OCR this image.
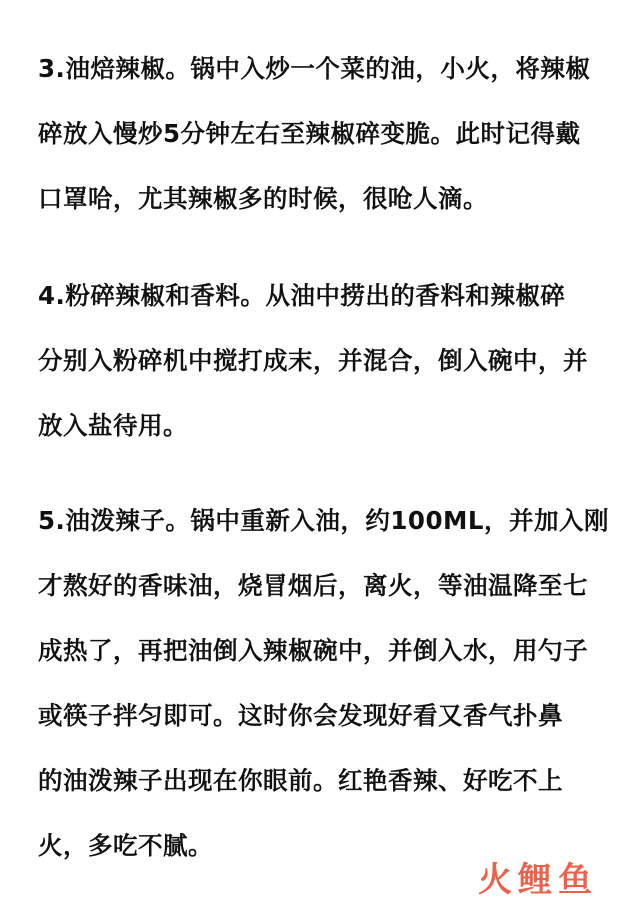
3.油焙辣椒。锅中入炒一个菜的油，小火，将辣椒
碎放入慢炒5分钟左右至辣椒碎变脆。此时记得戴
口罩哈，尤其辣椒多的时候，很呛人滴。

4.粉碎辣椒和香料。从油中捞出的香料和辣椒碎
分别入粉碎机中搅打成末，并混合，倒入碗中，并
放入盐待用。

5.油泼辣子。锅中重新入油，约100ML，并加入刚
才熬好的香味油，烧冒烟后，离火，等油温降至七
成热了，再把油倒入辣椒碗中，并倒入水，用勺子
或筷子拌匀即可。这时你会发现好看又香气扑鼻
的油泼辣子出现在你眼前。红艳香辣、好吃不上
火，多吃不腻。

火鲤鱼
